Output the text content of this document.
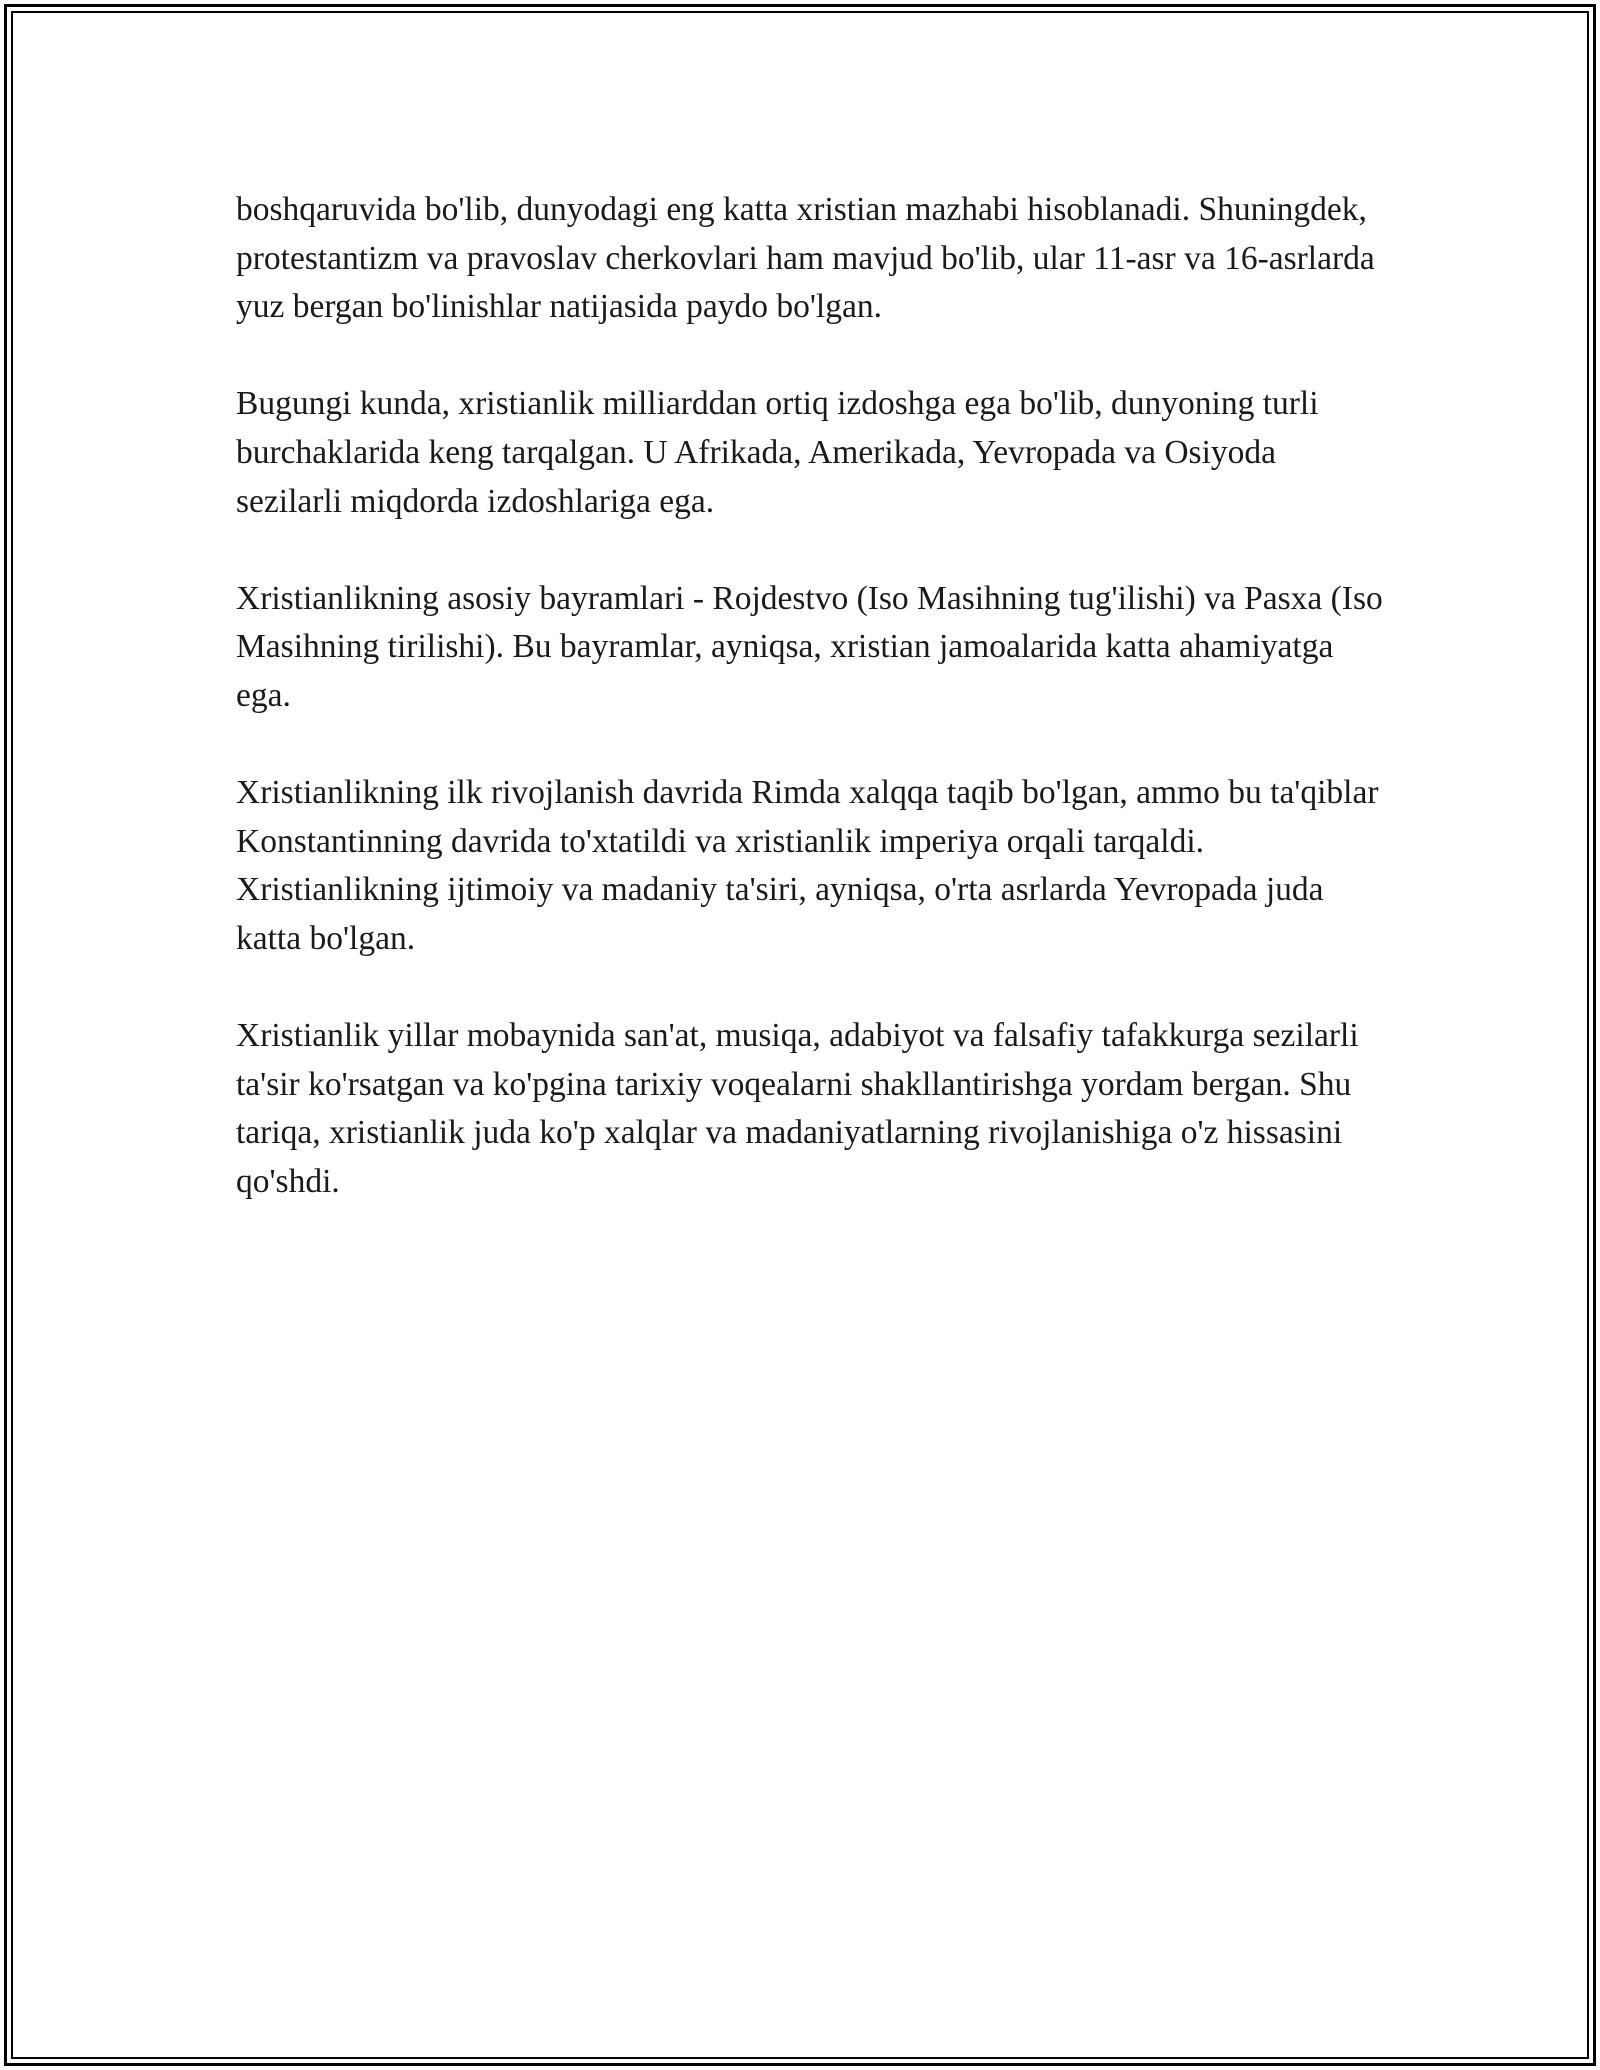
boshqaruvida bo'lib, dunyodagi eng katta xristian mazhabi hisoblanadi. Shuningdek, protestantizm va pravoslav cherkovlari ham mavjud bo'lib, ular 11-asr va 16-asrlarda yuz bergan bo'linishlar natijasida paydo bo'lgan.

Bugungi kunda, xristianlik milliarddan ortiq izdoshga ega bo'lib, dunyoning turli burchaklarida keng tarqalgan. U Afrikada, Amerikada, Yevropada va Osiyoda sezilarli miqdorda izdoshlariga ega.

Xristianlikning asosiy bayramlari - Rojdestvo (Iso Masihning tug'ilishi) va Pasxa (Iso Masihning tirilishi). Bu bayramlar, ayniqsa, xristian jamoalarida katta ahamiyatga ega.

Xristianlikning ilk rivojlanish davrida Rimda xalqqa taqib bo'lgan, ammo bu ta'qiblar Konstantinning davrida to'xtatildi va xristianlik imperiya orqali tarqaldi. Xristianlikning ijtimoiy va madaniy ta'siri, ayniqsa, o'rta asrlarda Yevropada juda katta bo'lgan.

Xristianlik yillar mobaynida san'at, musiqa, adabiyot va falsafiy tafakkurga sezilarli ta'sir ko'rsatgan va ko'pgina tarixiy voqealarni shakllantirishga yordam bergan. Shu tariqa, xristianlik juda ko'p xalqlar va madaniyatlarning rivojlanishiga o'z hissasini qo'shdi.
